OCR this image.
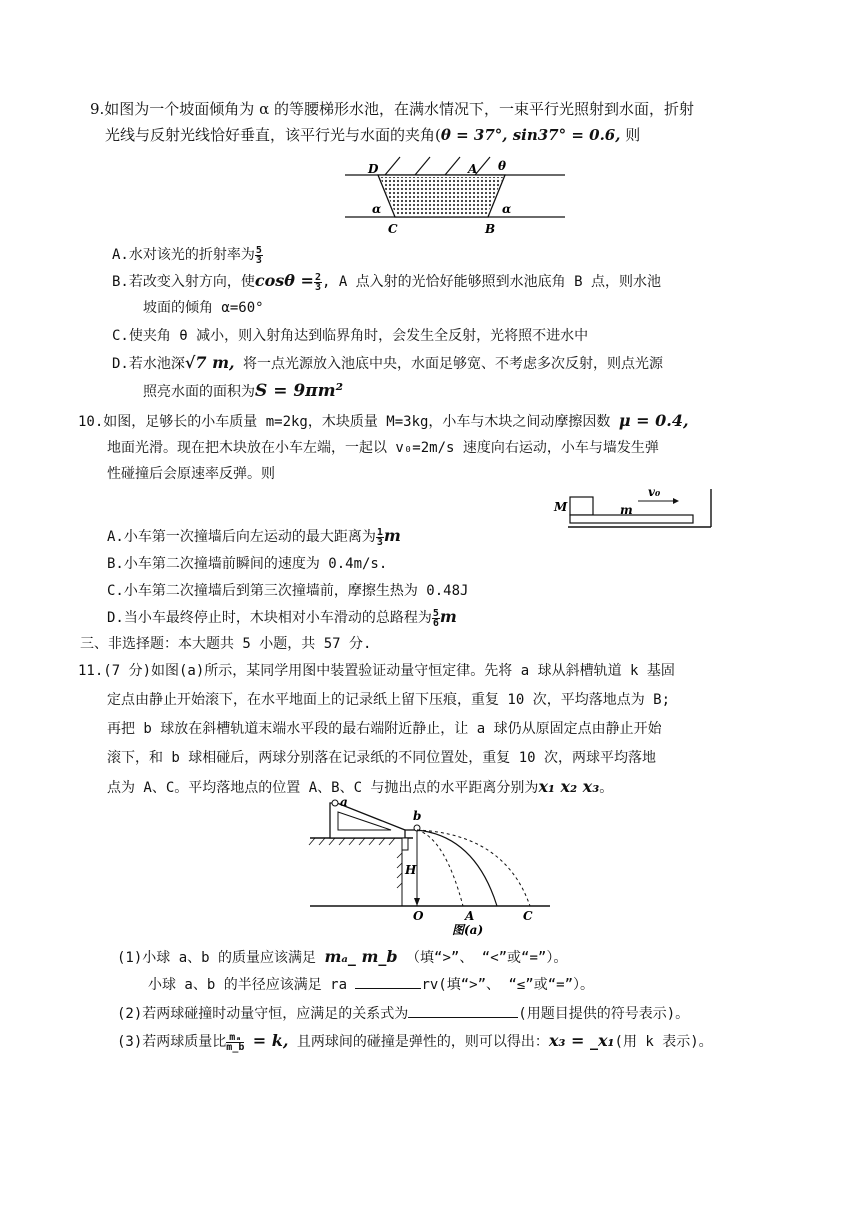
9.如图为一个坡面倾角为 α 的等腰梯形水池，在满水情况下，一束平行光照射到水面，折射
光线与反射光线恰好垂直，该平行光与水面的夹角(θ = 37°, sin37° = 0.6, 则
D	A θ
C	B
α	α
A.水对该光的折射率为 $\frac{5}{3}$
B.若改变入射方向，使$\cos\theta = \frac{2}{3}$ , A 点入射的光恰好能够照到水池底角 B 点，则水池
坡面的倾角 α=60°
C.使夹角 θ 减小，则入射角达到临界角时，会发生全反射，光将照不进水中
D.若水池深√7 m, 将一点光源放入池底中央，水面足够宽、不考虑多次反射，则点光源
照亮水面的面积为S = 9πm²
10.如图，足够长的小车质量 m=2kg，木块质量 M=3kg，小车与木块之间动摩擦因数 μ = 0.4,
地面光滑。现在把木块放在小车左端，一起以 v₀=2m/s 速度向右运动，小车与墙发生弹
性碰撞后会原速率反弹。则
M	m
v₀
A.小车第一次撞墙后向左运动的最大距离为 $\frac{1}{3}$ m
B.小车第二次撞墙前瞬间的速度为 0.4m/s.
C.小车第二次撞墙后到第三次撞墙前，摩擦生热为 0.48J
D.当小车最终停止时，木块相对小车滑动的总路程为 $\frac{5}{6}$ m
三、非选择题：本大题共 5 小题，共 57 分.
11.(7 分)如图(a)所示，某同学用图中装置验证动量守恒定律。先将 a 球从斜槽轨道 k 基固
定点由静止开始滚下，在水平地面上的记录纸上留下压痕，重复 10 次，平均落地点为 B;
再把 b 球放在斜槽轨道末端水平段的最右端附近静止，让 a 球仍从原固定点由静止开始
滚下，和 b 球相碰后，两球分别落在记录纸的不同位置处，重复 10 次，两球平均落地
点为 A、C。平均落地点的位置 A、B、C 与抛出点的水平距离分别为x₁ x₂ x₃。
a
b
H
O	A	C
图(a)
(1)小球 a、b 的质量应该满足 mₐ_ m_b （填“>”、 “<”或“=”）。
小球 a、b 的半径应该满足 ra	rv(填“>”、 “≤”或“=”）。
(2)若两球碰撞时动量守恒，应满足的关系式为	(用题目提供的符号表示)。
(3)若两球质量比 $\frac{\text{mₐ}}{m\_b} = k$, 且两球间的碰撞是弹性的，则可以得出：x₃ = _x₁(用 k 表示)。
